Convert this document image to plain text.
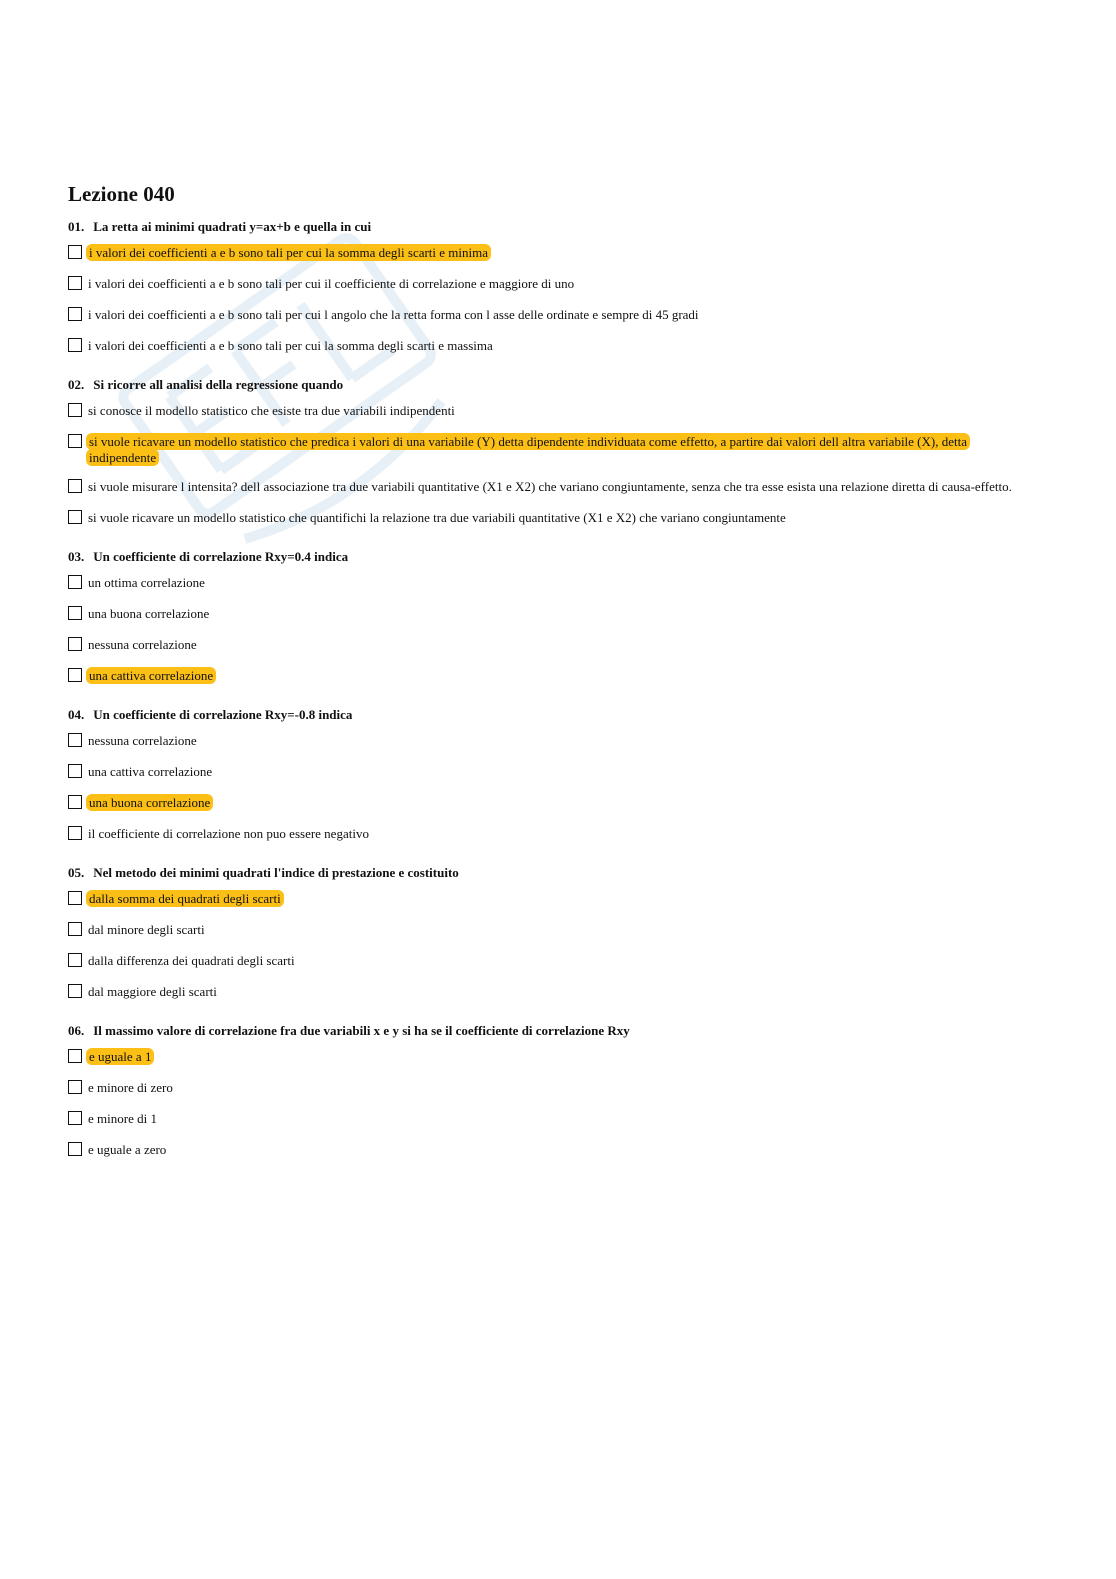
Lezione 040
01. La retta ai minimi quadrati y=ax+b e quella in cui
i valori dei coefficienti a e b sono tali per cui la somma degli scarti e minima
i valori dei coefficienti a e b sono tali per cui il coefficiente di correlazione e maggiore di uno
i valori dei coefficienti a e b sono tali per cui l angolo che la retta forma con l asse delle ordinate e sempre di 45 gradi
i valori dei coefficienti a e b sono tali per cui la somma degli scarti e massima
02. Si ricorre all analisi della regressione quando
si conosce il modello statistico che esiste tra due variabili indipendenti
si vuole ricavare un modello statistico che predica i valori di una variabile (Y) detta dipendente individuata come effetto, a partire dai valori dell altra variabile (X), detta indipendente
si vuole misurare l intensita? dell associazione tra due variabili quantitative (X1 e X2) che variano congiuntamente, senza che tra esse esista una relazione diretta di causa-effetto.
si vuole ricavare un modello statistico che quantifichi la relazione tra due variabili quantitative (X1 e X2) che variano congiuntamente
03. Un coefficiente di correlazione Rxy=0.4 indica
un ottima correlazione
una buona correlazione
nessuna correlazione
una cattiva correlazione
04. Un coefficiente di correlazione Rxy=-0.8 indica
nessuna correlazione
una cattiva correlazione
una buona correlazione
il coefficiente di correlazione non puo essere negativo
05. Nel metodo dei minimi quadrati l'indice di prestazione e costituito
dalla somma dei quadrati degli scarti
dal minore degli scarti
dalla differenza dei quadrati degli scarti
dal maggiore degli scarti
06. Il massimo valore di correlazione fra due variabili x e y si ha se il coefficiente di correlazione Rxy
e uguale a 1
e minore di zero
e minore di 1
e uguale a zero
